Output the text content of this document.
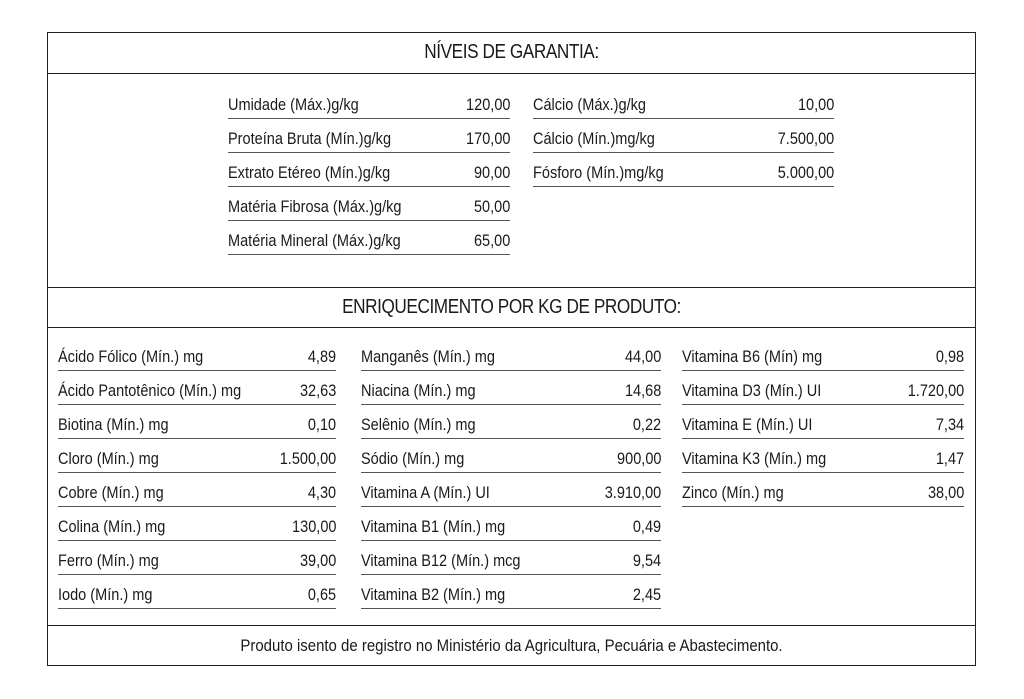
NÍVEIS DE GARANTIA:
Umidade (Máx.)g/kg	120,00
Proteína Bruta (Mín.)g/kg	170,00
Extrato Etéreo (Mín.)g/kg	90,00
Matéria Fibrosa (Máx.)g/kg	50,00
Matéria Mineral (Máx.)g/kg	65,00
Cálcio (Máx.)g/kg	10,00
Cálcio (Mín.)mg/kg	7.500,00
Fósforo (Mín.)mg/kg	5.000,00
ENRIQUECIMENTO POR KG DE PRODUTO:
Ácido Fólico (Mín.) mg	4,89
Ácido Pantotênico (Mín.) mg	32,63
Biotina (Mín.) mg	0,10
Cloro (Mín.) mg	1.500,00
Cobre (Mín.) mg	4,30
Colina (Mín.) mg	130,00
Ferro (Mín.) mg	39,00
Iodo (Mín.) mg	0,65
Manganês (Mín.) mg	44,00
Niacina (Mín.) mg	14,68
Selênio (Mín.) mg	0,22
Sódio (Mín.) mg	900,00
Vitamina A (Mín.) UI	3.910,00
Vitamina B1 (Mín.) mg	0,49
Vitamina B12 (Mín.) mcg	9,54
Vitamina B2 (Mín.) mg	2,45
Vitamina B6 (Mín) mg	0,98
Vitamina D3 (Mín.) UI	1.720,00
Vitamina E (Mín.) UI	7,34
Vitamina K3 (Mín.) mg	1,47
Zinco (Mín.) mg	38,00
Produto isento de registro no Ministério da Agricultura, Pecuária e Abastecimento.
